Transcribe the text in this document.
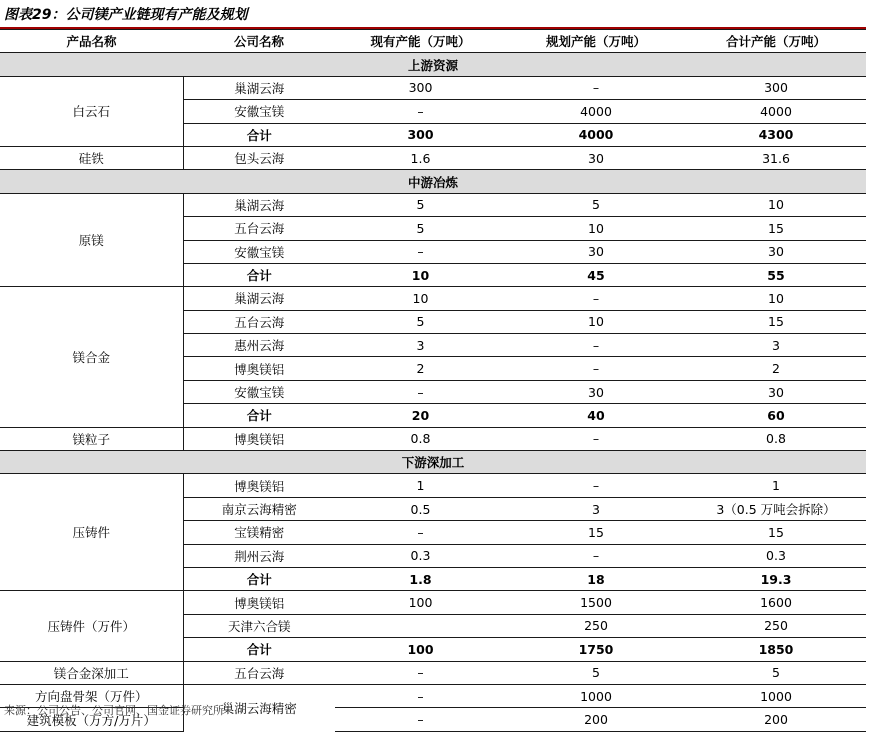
图表29：公司镁产业链现有产能及规划
产品名称	公司名称	现有产能（万吨）	规划产能（万吨）	合计产能（万吨）
上游资源				
白云石	巢湖云海	300	–	300
	安徽宝镁	–	4000	4000
	合计	300	4000	4300
硅铁	包头云海	1.6	30	31.6
中游冶炼				
原镁	巢湖云海	5	5	10
	五台云海	5	10	15
	安徽宝镁	–	30	30
	合计	10	45	55
镁合金	巢湖云海	10	–	10
	五台云海	5	10	15
	惠州云海	3	–	3
	博奥镁铝	2	–	2
	安徽宝镁	–	30	30
	合计	20	40	60
镁粒子	博奥镁铝	0.8	–	0.8
下游深加工				
压铸件	博奥镁铝	1	–	1
	南京云海精密	0.5	3	3（0.5 万吨会拆除）
	宝镁精密	–	15	15
	荆州云海	0.3	–	0.3
	合计	1.8	18	19.3
压铸件（万件）	博奥镁铝	100	1500	1600
	天津六合镁		250	250
	合计	100	1750	1850
镁合金深加工	五台云海	–	5	5
方向盘骨架（万件）	巢湖云海精密	–	1000	1000
建筑模板（万方/万片）		–	200	200
来源：公司公告、公司官网、国金证券研究所
